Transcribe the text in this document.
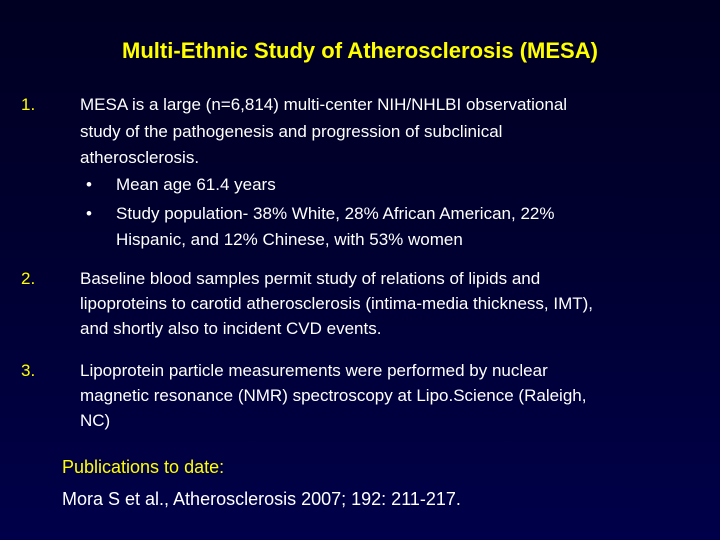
Multi-Ethnic Study of Atherosclerosis (MESA)
1.	MESA is a large (n=6,814) multi-center NIH/NHLBI observational
study of the pathogenesis and progression of subclinical
atherosclerosis.
• Mean age 61.4 years
• Study population- 38% White, 28% African American, 22%
Hispanic, and 12% Chinese, with 53% women
2.	Baseline blood samples permit study of relations of lipids and
lipoproteins to carotid atherosclerosis (intima-media thickness, IMT),
and shortly also to incident CVD events.
3.	Lipoprotein particle measurements were performed by nuclear
magnetic resonance (NMR) spectroscopy at Lipo.Science (Raleigh,
NC)
Publications to date:
Mora S et al., Atherosclerosis 2007; 192: 211-217.
